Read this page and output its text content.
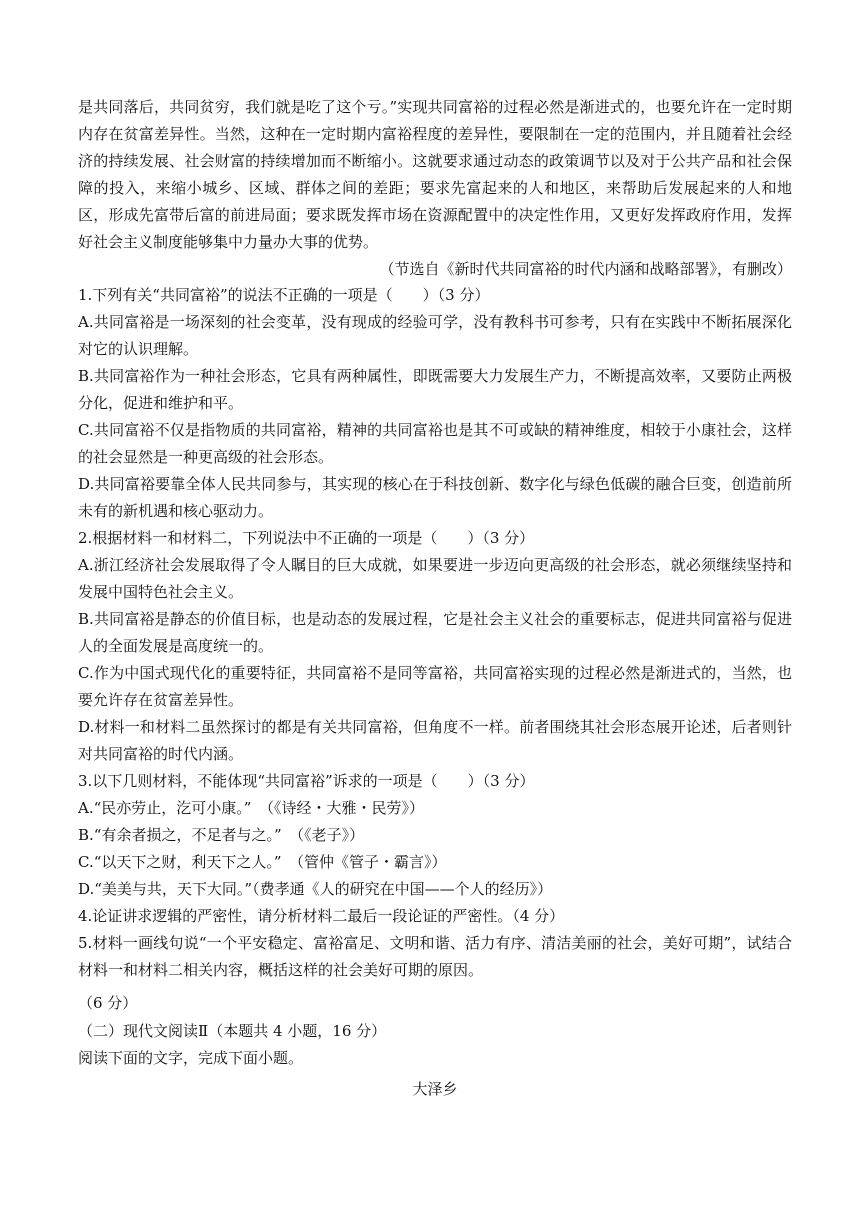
是共同落后，共同贫穷，我们就是吃了这个亏。”实现共同富裕的过程必然是渐进式的，也要允许在一定时期内存在贫富差异性。当然，这种在一定时期内富裕程度的差异性，要限制在一定的范围内，并且随着社会经济的持续发展、社会财富的持续增加而不断缩小。这就要求通过动态的政策调节以及对于公共产品和社会保障的投入，来缩小城乡、区域、群体之间的差距；要求先富起来的人和地区，来帮助后发展起来的人和地区，形成先富带后富的前进局面；要求既发挥市场在资源配置中的决定性作用，又更好发挥政府作用，发挥好社会主义制度能够集中力量办大事的优势。

（节选自《新时代共同富裕的时代内涵和战略部署》，有删改）

1.下列有关“共同富裕”的说法不正确的一项是（　　）（3 分）

A.共同富裕是一场深刻的社会变革，没有现成的经验可学，没有教科书可参考，只有在实践中不断拓展深化对它的认识理解。

B.共同富裕作为一种社会形态，它具有两种属性，即既需要大力发展生产力，不断提高效率，又要防止两极分化，促进和维护和平。

C.共同富裕不仅是指物质的共同富裕，精神的共同富裕也是其不可或缺的精神维度，相较于小康社会，这样的社会显然是一种更高级的社会形态。

D.共同富裕要靠全体人民共同参与，其实现的核心在于科技创新、数字化与绿色低碳的融合巨变，创造前所未有的新机遇和核心驱动力。

2.根据材料一和材料二，下列说法中不正确的一项是（　　）（3 分）

A.浙江经济社会发展取得了令人瞩目的巨大成就，如果要进一步迈向更高级的社会形态，就必须继续坚持和发展中国特色社会主义。

B.共同富裕是静态的价值目标，也是动态的发展过程，它是社会主义社会的重要标志，促进共同富裕与促进人的全面发展是高度统一的。

C.作为中国式现代化的重要特征，共同富裕不是同等富裕，共同富裕实现的过程必然是渐进式的，当然，也要允许存在贫富差异性。

D.材料一和材料二虽然探讨的都是有关共同富裕，但角度不一样。前者围绕其社会形态展开论述，后者则针对共同富裕的时代内涵。

3.以下几则材料，不能体现“共同富裕”诉求的一项是（　　）（3 分）

A.“民亦劳止，汔可小康。”　（《诗经・大雅・民劳》）

B.“有余者损之，不足者与之。”　（《老子》）

C.“以天下之财，利天下之人。”　（管仲《管子・霸言》）

D.“美美与共，天下大同。”（费孝通《人的研究在中国——个人的经历》）

4.论证讲求逻辑的严密性，请分析材料二最后一段论证的严密性。（4 分）

5.材料一画线句说“一个平安稳定、富裕富足、文明和谐、活力有序、清洁美丽的社会，美好可期”，试结合材料一和材料二相关内容，概括这样的社会美好可期的原因。

（6 分）

（二）现代文阅读Ⅱ（本题共 4 小题，16 分）

阅读下面的文字，完成下面小题。

大泽乡
